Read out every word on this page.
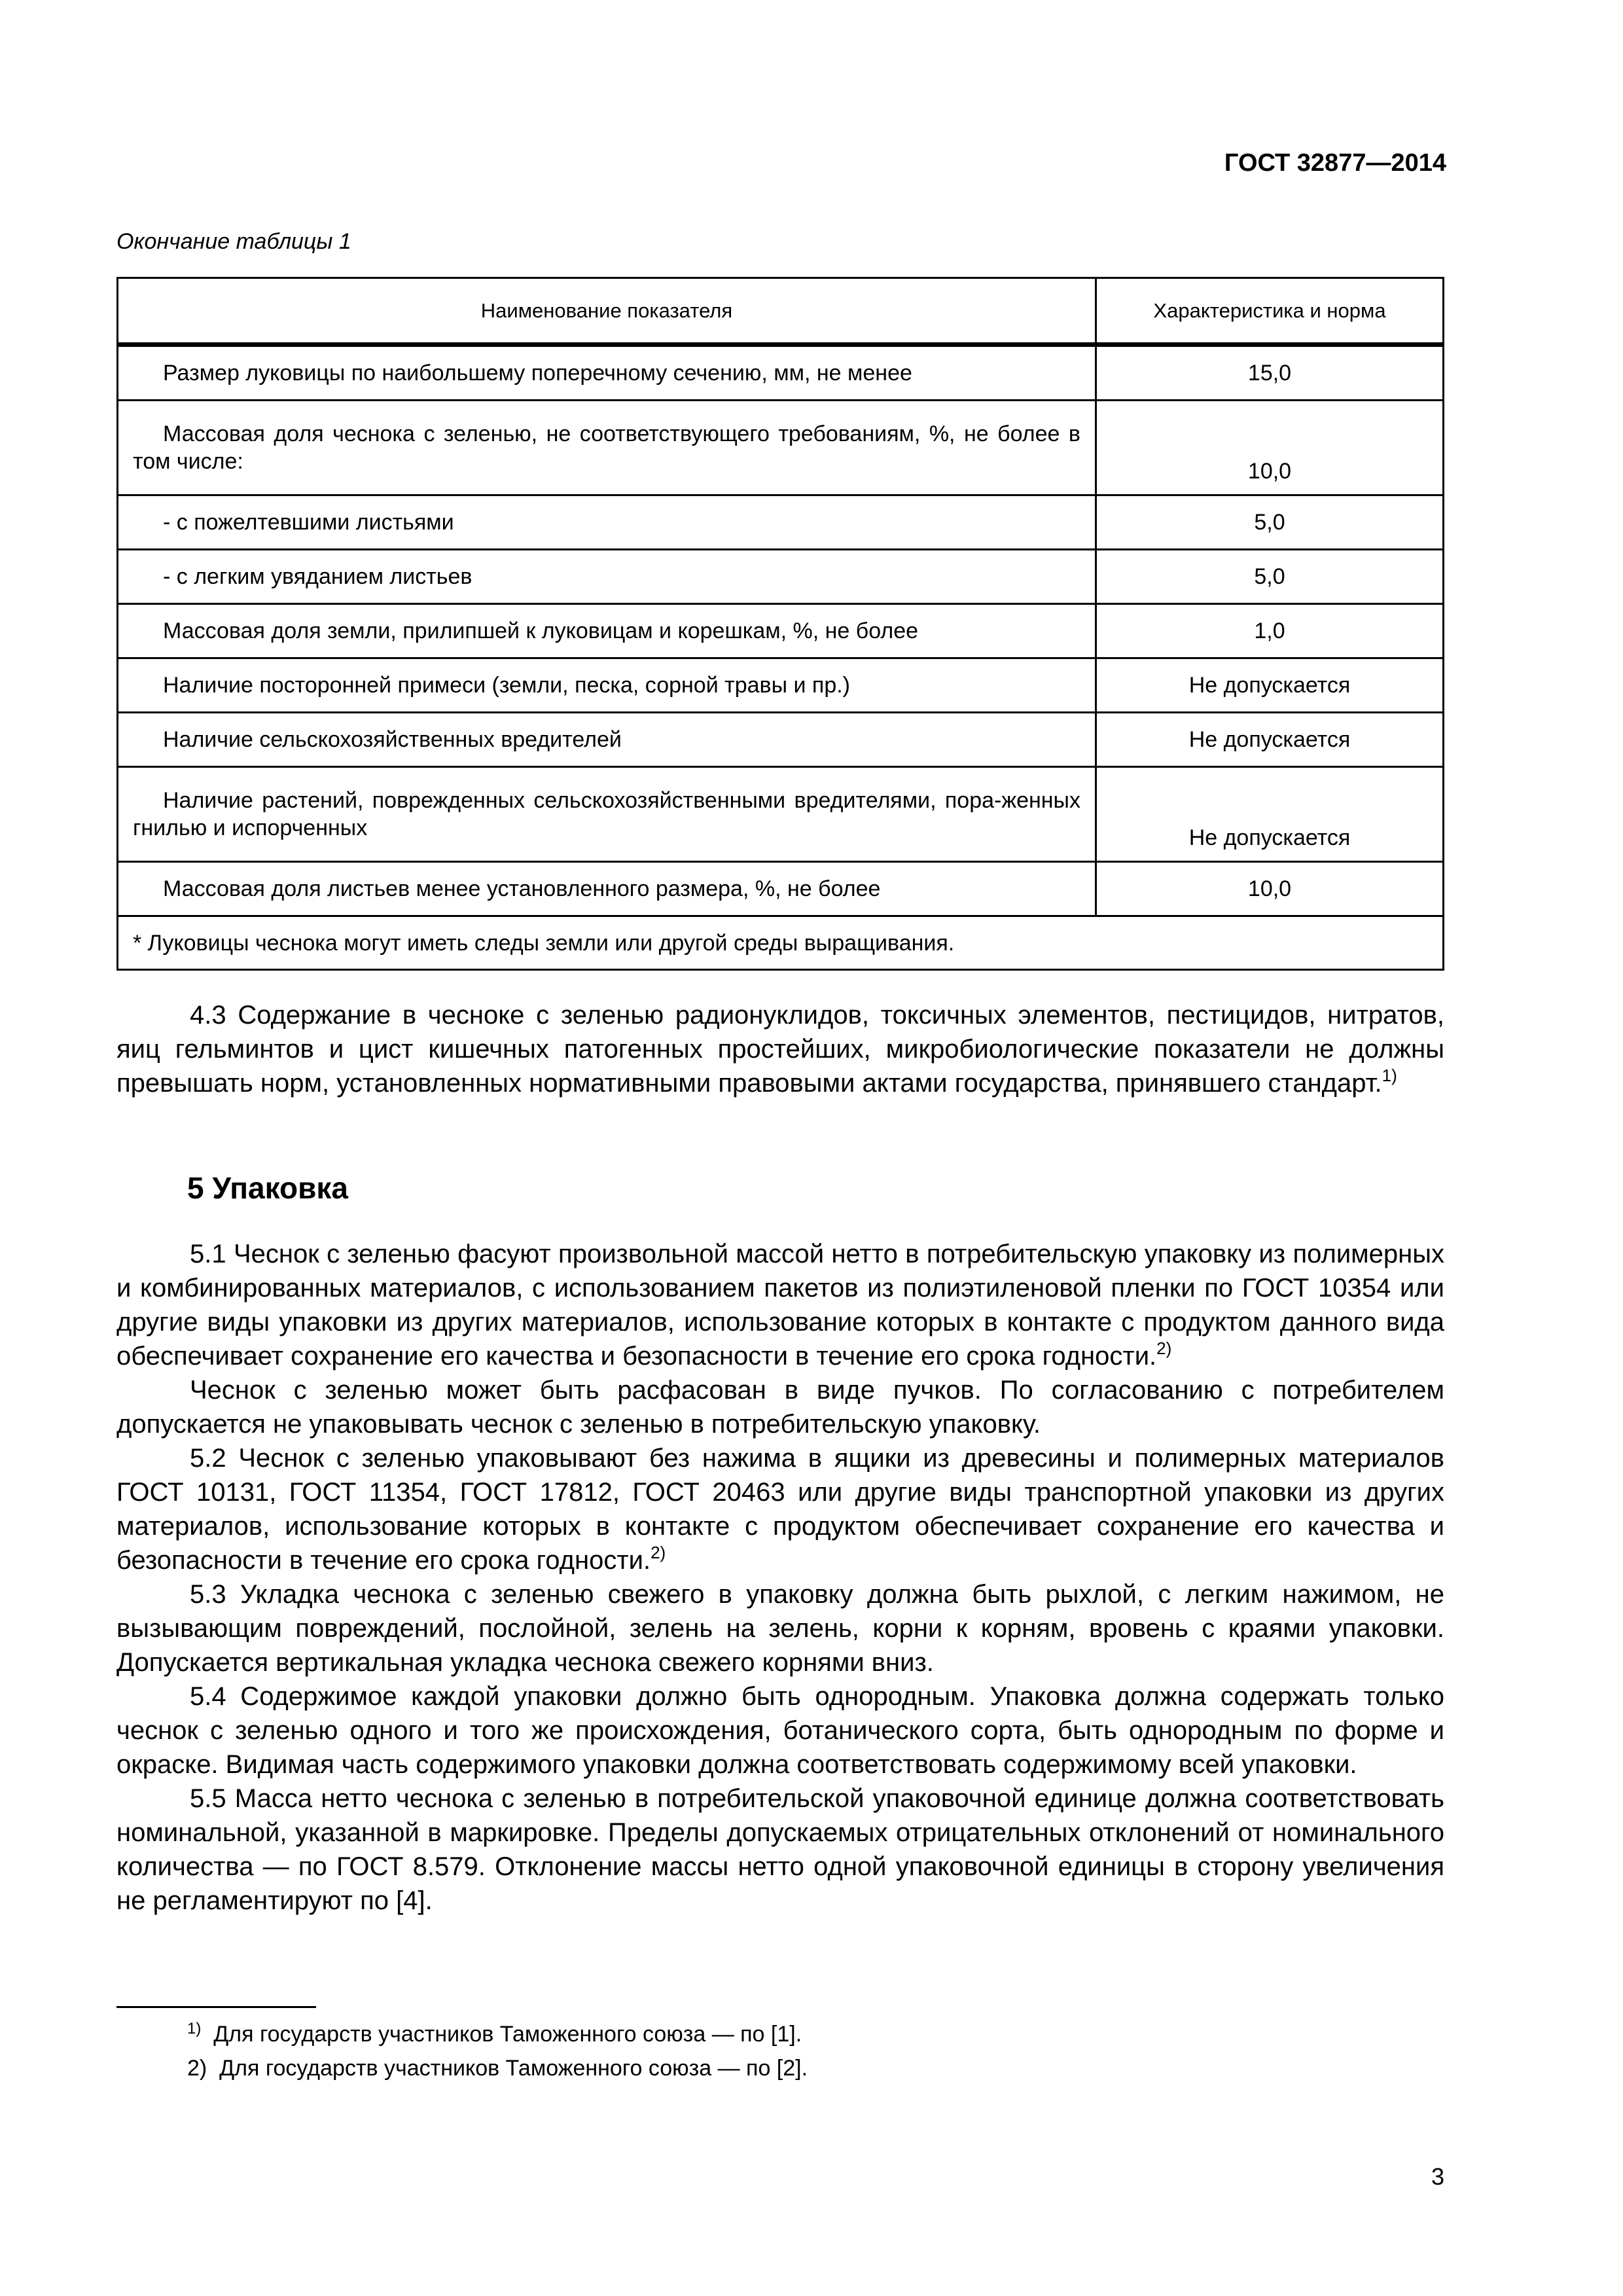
ГОСТ 32877—2014
Окончание таблицы 1
Наименование показателя	Характеристика и норма
Размер луковицы по наибольшему поперечному сечению, мм, не менее	15,0
Массовая доля чеснока с зеленью, не соответствующего требованиям, %, не более в том числе:	10,0
- с пожелтевшими листьями	5,0
- с легким увяданием листьев	5,0
Массовая доля земли, прилипшей к луковицам и корешкам, %, не более	1,0
Наличие посторонней примеси (земли, песка, сорной травы и пр.)	Не допускается
Наличие сельскохозяйственных вредителей	Не допускается
Наличие растений, поврежденных сельскохозяйственными вредителями, пора-женных гнилью и испорченных	Не допускается
Массовая доля листьев менее установленного размера, %, не более	10,0
* Луковицы чеснока могут иметь следы земли или другой среды выращивания.	

4.3 Содержание в чесноке с зеленью радионуклидов, токсичных элементов, пестицидов, нитратов, яиц гельминтов и цист кишечных патогенных простейших, микробиологические показатели не должны превышать норм, установленных нормативными правовыми актами государства, принявшего стандарт.$^{1)}$

5 Упаковка

5.1 Чеснок с зеленью фасуют произвольной массой нетто в потребительскую упаковку из полимерных и комбинированных материалов, с использованием пакетов из полиэтиленовой пленки по ГОСТ 10354 или другие виды упаковки из других материалов, использование которых в контакте с продуктом данного вида обеспечивает сохранение его качества и безопасности в течение его срока годности.$^{2)}$

Чеснок с зеленью может быть расфасован в виде пучков. По согласованию с потребителем допускается не упаковывать чеснок с зеленью в потребительскую упаковку.

5.2 Чеснок с зеленью упаковывают без нажима в ящики из древесины и полимерных материалов ГОСТ 10131, ГОСТ 11354, ГОСТ 17812, ГОСТ 20463 или другие виды транспортной упаковки из других материалов, использование которых в контакте с продуктом обеспечивает сохранение его качества и безопасности в течение его срока годности.$^{2)}$

5.3 Укладка чеснока с зеленью свежего в упаковку должна быть рыхлой, с легким нажимом, не вызывающим повреждений, послойной, зелень на зелень, корни к корням, вровень с краями упаковки. Допускается вертикальная укладка чеснока свежего корнями вниз.

5.4 Содержимое каждой упаковки должно быть однородным. Упаковка должна содержать только чеснок с зеленью одного и того же происхождения, ботанического сорта, быть однородным по форме и окраске. Видимая часть содержимого упаковки должна соответствовать содержимому всей упаковки.

5.5 Масса нетто чеснока с зеленью в потребительской упаковочной единице должна соответствовать номинальной, указанной в маркировке. Пределы допускаемых отрицательных отклонений от номинального количества — по ГОСТ 8.579. Отклонение массы нетто одной упаковочной единицы в сторону увеличения не регламентируют по [4].

$^{1)}$ Для государств участников Таможенного союза — по [1].
2) Для государств участников Таможенного союза — по [2].
3
